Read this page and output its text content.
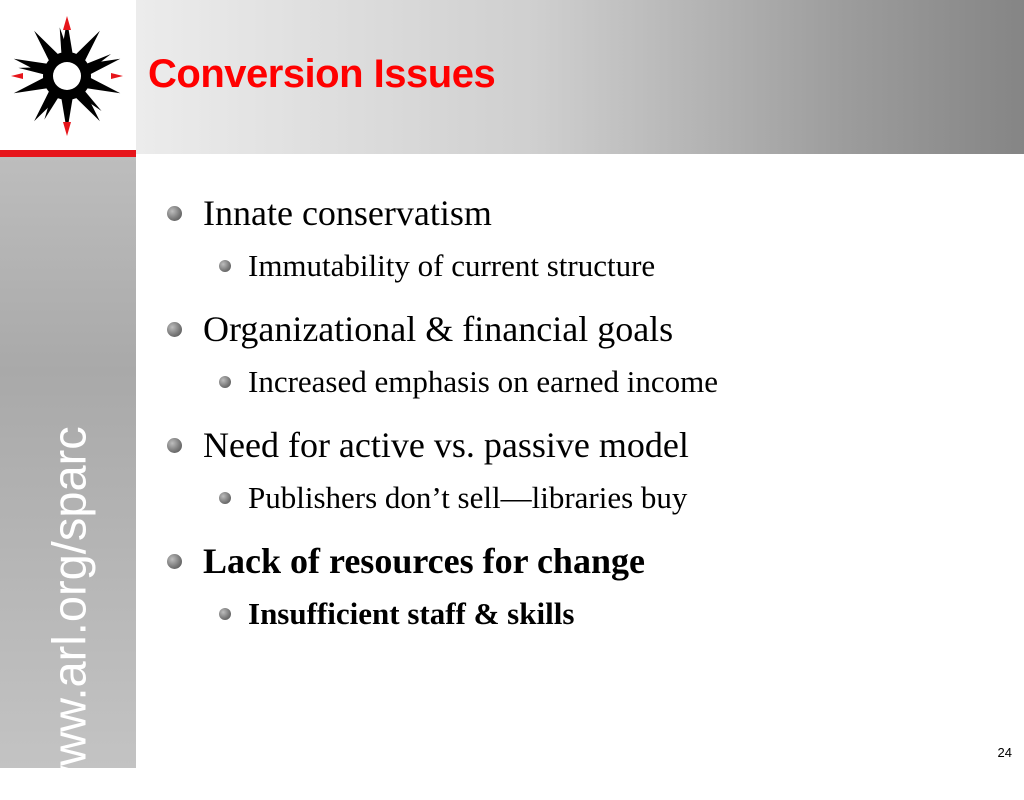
Conversion Issues
www.arl.org/sparc
Innate conservatism
Immutability of current structure
Organizational & financial goals
Increased emphasis on earned income
Need for active vs. passive model
Publishers don’t sell—libraries buy
Lack of resources for change
Insufficient staff & skills
24
